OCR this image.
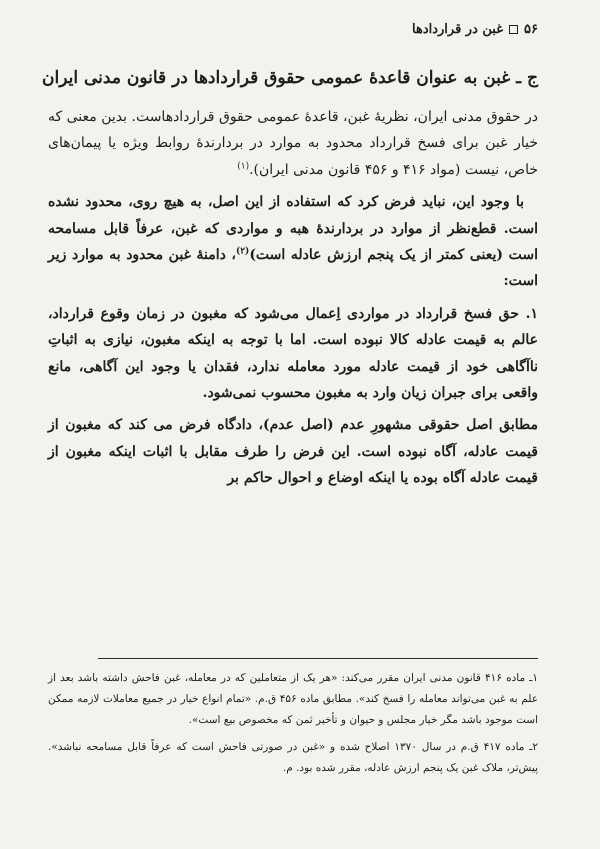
۵۶
غبن در قراردادها
ج ـ غبن به عنوان قاعدهٔ عمومی حقوق قراردادها در قانون مدنی ایران

در حقوق مدنی ایران، نظریهٔ غبن، قاعدهٔ عمومی حقوق قراردادهاست. بدین معنی که خیار غبن برای فسخ قرارداد محدود به موارد در بردارندهٔ روابط ویژه یا پیمان‌های خاص، نیست (مواد ۴۱۶ و ۴۵۶ قانون مدنی ایران).$^{(۱)}$

با وجود این، نباید فرض کرد که استفاده از این اصل، به هیچ روی، محدود نشده است. قطع‌نظر از موارد در بردارندهٔ هبه و مواردی که غبن، عرفاً قابل مسامحه است (یعنی کمتر از یک پنجم ارزش عادله است)$^{(۲)}$، دامنهٔ غبن محدود به موارد زیر است:

۱. حق فسخ قرارداد در مواردی اِعمال می‌شود که مغبون در زمان وقوع قرارداد، عالم به قیمت عادله کالا نبوده است. اما با توجه به اینکه مغبون، نیازی به اثباتِ ناآگاهی خود از قیمت عادله مورد معامله ندارد، فقدان یا وجود این آگاهی، مانع واقعی برای جبران زیان وارد به مغبون محسوب نمی‌شود.

مطابق اصل حقوقی مشهورِ عدم (اصل عدم)، دادگاه فرض می کند که مغبون از قیمت عادله، آگاه نبوده است. این فرض را طرف مقابل با اثبات اینکه مغبون از قیمت عادله آگاه بوده یا اینکه اوضاع و احوال حاکم بر

۱ـ ماده ۴۱۶ قانون مدنی ایران مقرر می‌کند: «هر یک از متعاملین که در معامله، غبن فاحش داشته باشد بعد از علم به غبن می‌تواند معامله را فسخ کند». مطابق ماده ۴۵۶ ق.م. «تمام انواع خیار در جمیع معاملات لازمه ممکن است موجود باشد مگر خیار مجلس و حیوان و تأخیر ثمن که مخصوص بیع است».

۲ـ ماده ۴۱۷ ق.م در سال ۱۳۷۰ اصلاح شده و «غبن در صورتی فاحش است که عرفاً قابل مسامحه نباشد». پیش‌تر، ملاک غبن یک پنجم ارزش عادله، مقرر شده بود. م.
